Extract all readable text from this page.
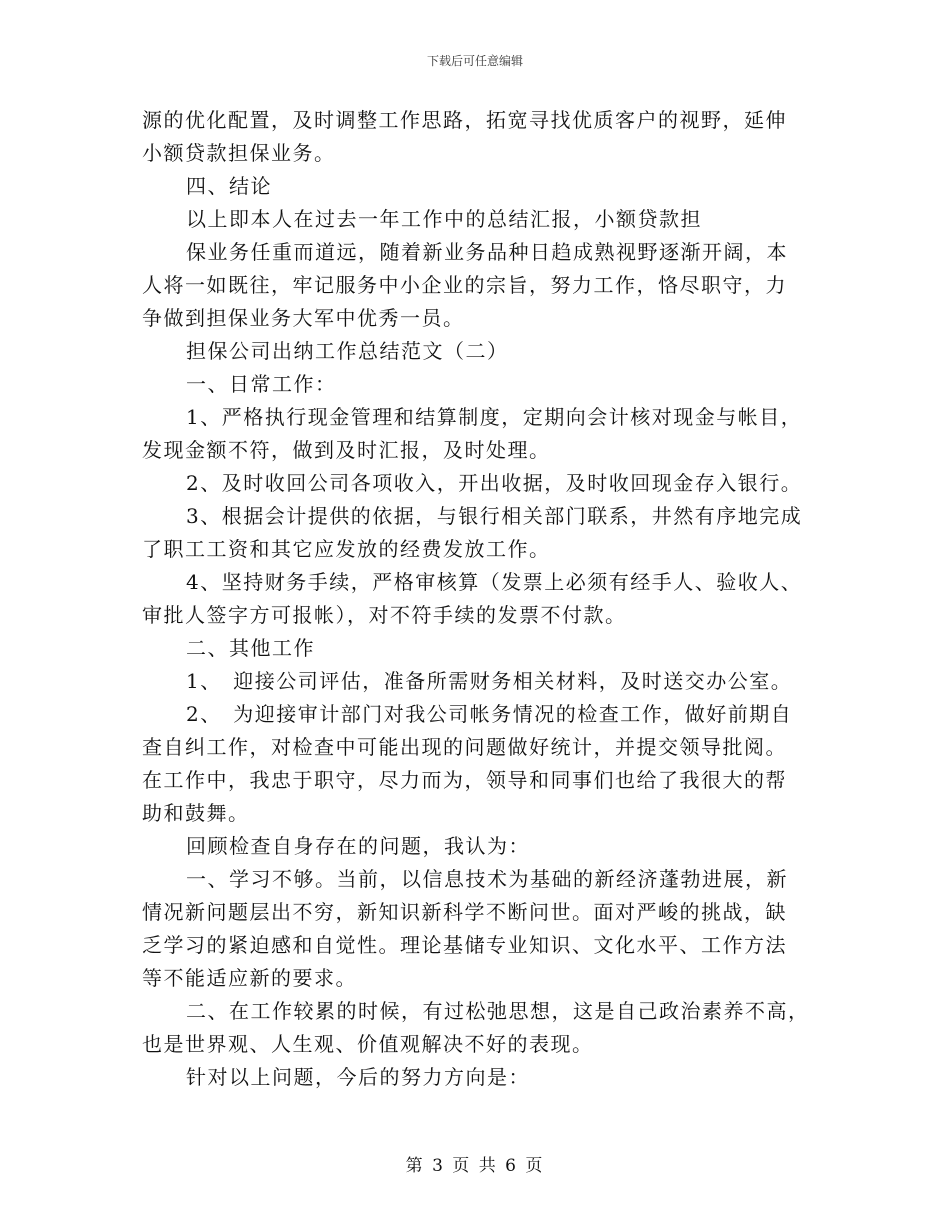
下载后可任意编辑
源的优化配置，及时调整工作思路，拓宽寻找优质客户的视野，延伸
小额贷款担保业务。
四、结论
以上即本人在过去一年工作中的总结汇报，小额贷款担
保业务任重而道远，随着新业务品种日趋成熟视野逐渐开阔，本
人将一如既往，牢记服务中小企业的宗旨，努力工作，恪尽职守，力
争做到担保业务大军中优秀一员。
担保公司出纳工作总结范文（二）
一、日常工作：
1、严格执行现金管理和结算制度，定期向会计核对现金与帐目，
发现金额不符，做到及时汇报，及时处理。
2、及时收回公司各项收入，开出收据，及时收回现金存入银行。
3、根据会计提供的依据，与银行相关部门联系，井然有序地完成
了职工工资和其它应发放的经费发放工作。
4、坚持财务手续，严格审核算（发票上必须有经手人、验收人、
审批人签字方可报帐），对不符手续的发票不付款。
二、其他工作
1、　迎接公司评估，准备所需财务相关材料，及时送交办公室。
2、　为迎接审计部门对我公司帐务情况的检查工作，做好前期自
查自纠工作，对检查中可能出现的问题做好统计，并提交领导批阅。
在工作中，我忠于职守，尽力而为，领导和同事们也给了我很大的帮
助和鼓舞。
回顾检查自身存在的问题，我认为：
一、学习不够。当前，以信息技术为基础的新经济蓬勃进展，新
情况新问题层出不穷，新知识新科学不断问世。面对严峻的挑战，缺
乏学习的紧迫感和自觉性。理论基储专业知识、文化水平、工作方法
等不能适应新的要求。
二、在工作较累的时候，有过松弛思想，这是自己政治素养不高，
也是世界观、人生观、价值观解决不好的表现。
针对以上问题，今后的努力方向是：
第 3 页 共 6 页
